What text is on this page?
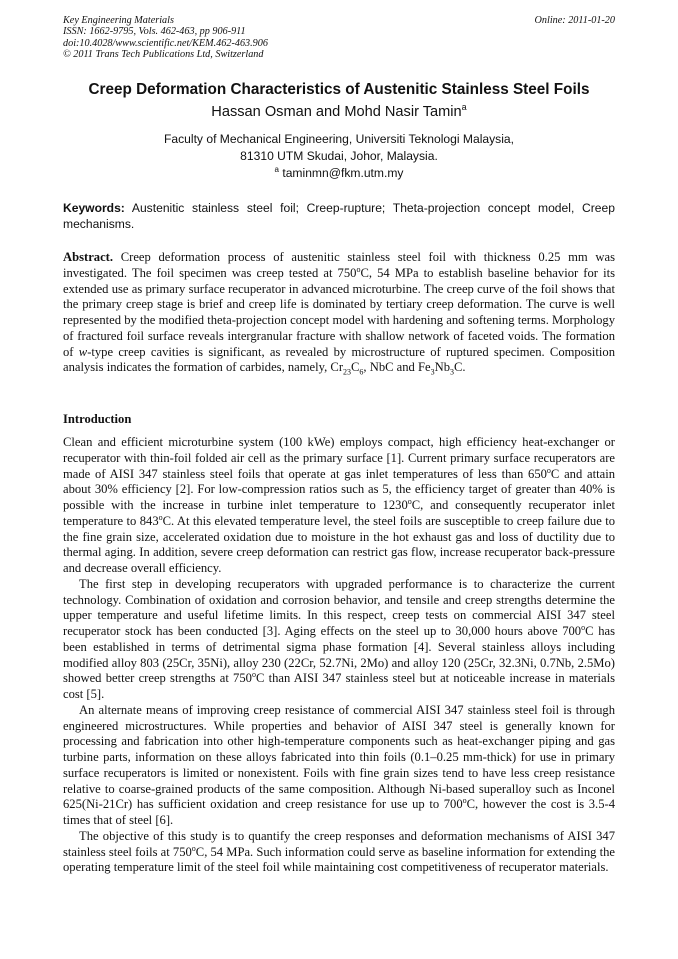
Key Engineering Materials
ISSN: 1662-9795, Vols. 462-463, pp 906-911
doi:10.4028/www.scientific.net/KEM.462-463.906
© 2011 Trans Tech Publications Ltd, Switzerland
Online: 2011-01-20
Creep Deformation Characteristics of Austenitic Stainless Steel Foils
Hassan Osman and Mohd Nasir Tamin$^a$
Faculty of Mechanical Engineering, Universiti Teknologi Malaysia,
81310 UTM Skudai, Johor, Malaysia.
$^a$ taminmn@fkm.utm.my
Keywords: Austenitic stainless steel foil; Creep-rupture; Theta-projection concept model, Creep mechanisms.
Abstract. Creep deformation process of austenitic stainless steel foil with thickness 0.25 mm was investigated. The foil specimen was creep tested at 750$^o$C, 54 MPa to establish baseline behavior for its extended use as primary surface recuperator in advanced microturbine. The creep curve of the foil shows that the primary creep stage is brief and creep life is dominated by tertiary creep deformation. The curve is well represented by the modified theta-projection concept model with hardening and softening terms. Morphology of fractured foil surface reveals intergranular fracture with shallow network of faceted voids. The formation of w-type creep cavities is significant, as revealed by microstructure of ruptured specimen. Composition analysis indicates the formation of carbides, namely, $Cr_{23}C_6$, NbC and $Fe_3Nb_3C$.
Introduction

Clean and efficient microturbine system (100 kWe) employs compact, high efficiency heat-exchanger or recuperator with thin-foil folded air cell as the primary surface [1]. Current primary surface recuperators are made of AISI 347 stainless steel foils that operate at gas inlet temperatures of less than 650$^o$C and attain about 30% efficiency [2]. For low-compression ratios such as 5, the efficiency target of greater than 40% is possible with the increase in turbine inlet temperature to 1230$^o$C, and consequently recuperator inlet temperature to 843$^o$C. At this elevated temperature level, the steel foils are susceptible to creep failure due to the fine grain size, accelerated oxidation due to moisture in the hot exhaust gas and loss of ductility due to thermal aging. In addition, severe creep deformation can restrict gas flow, increase recuperator back-pressure and decrease overall efficiency.

The first step in developing recuperators with upgraded performance is to characterize the current technology. Combination of oxidation and corrosion behavior, and tensile and creep strengths determine the upper temperature and useful lifetime limits. In this respect, creep tests on commercial AISI 347 steel recuperator stock has been conducted [3]. Aging effects on the steel up to 30,000 hours above 700$^o$C has been established in terms of detrimental sigma phase formation [4]. Several stainless alloys including modified alloy 803 (25Cr, 35Ni), alloy 230 (22Cr, 52.7Ni, 2Mo) and alloy 120 (25Cr, 32.3Ni, 0.7Nb, 2.5Mo) showed better creep strengths at 750$^o$C than AISI 347 stainless steel but at noticeable increase in materials cost [5].

An alternate means of improving creep resistance of commercial AISI 347 stainless steel foil is through engineered microstructures. While properties and behavior of AISI 347 steel is generally known for processing and fabrication into other high-temperature components such as heat-exchanger piping and gas turbine parts, information on these alloys fabricated into thin foils (0.1–0.25 mm-thick) for use in primary surface recuperators is limited or nonexistent. Foils with fine grain sizes tend to have less creep resistance relative to coarse-grained products of the same composition. Although Ni-based superalloy such as Inconel 625(Ni-21Cr) has sufficient oxidation and creep resistance for use up to 700$^o$C, however the cost is 3.5-4 times that of steel [6].

The objective of this study is to quantify the creep responses and deformation mechanisms of AISI 347 stainless steel foils at 750$^o$C, 54 MPa. Such information could serve as baseline information for extending the operating temperature limit of the steel foil while maintaining cost competitiveness of recuperator materials.
